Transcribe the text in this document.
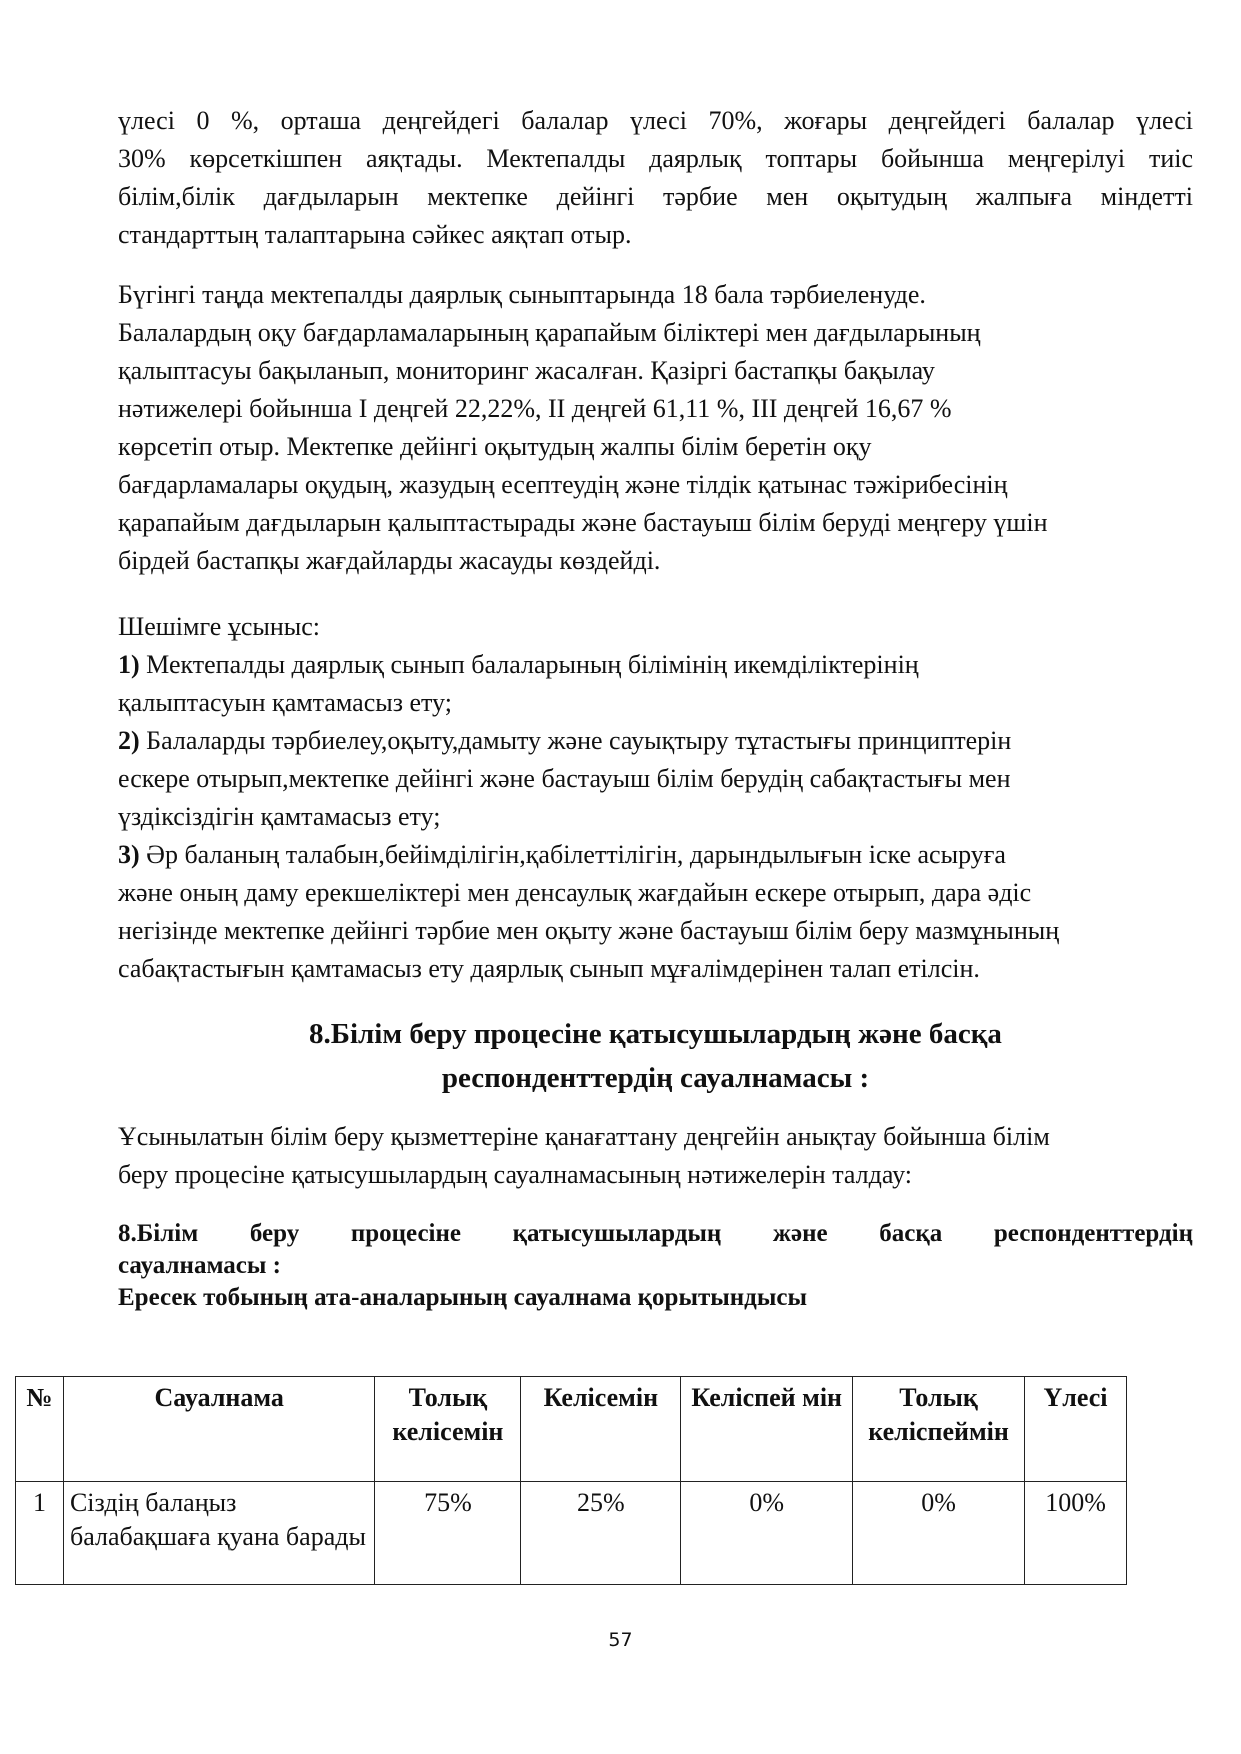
үлесі 0 %, орташа деңгейдегі балалар үлесі 70%, жоғары деңгейдегі балалар үлесі
30% көрсеткішпен аяқтады. Мектепалды даярлық топтары бойынша меңгерілуі тиіс
білім,білік дағдыларын мектепке дейінгі тәрбие мен оқытудың жалпыға міндетті
стандарттың талаптарына сәйкес аяқтап отыр.

Бүгінгі таңда мектепалды даярлық сыныптарында 18 бала тәрбиеленуде.
Балалардың оқу бағдарламаларының қарапайым біліктері мен дағдыларының
қалыптасуы бақыланып, мониторинг жасалған. Қазіргі бастапқы бақылау
нәтижелері бойынша I деңгей 22,22%, II деңгей 61,11 %, III деңгей 16,67 %
көрсетіп отыр. Мектепке дейінгі оқытудың жалпы білім беретін оқу
бағдарламалары оқудың, жазудың есептеудің және тілдік қатынас тәжірибесінің
қарапайым дағдыларын қалыптастырады және бастауыш білім беруді меңгеру үшін
бірдей бастапқы жағдайларды жасауды көздейді.

Шешімге ұсыныс:
1) Мектепалды даярлық сынып балаларының білімінің икемділіктерінің
қалыптасуын қамтамасыз ету;
2) Балаларды тәрбиелеу,оқыту,дамыту және сауықтыру тұтастығы принциптерін
ескере отырып,мектепке дейінгі және бастауыш білім берудің сабақтастығы мен
үздіксіздігін қамтамасыз ету;
3) Әр баланың талабын,бейімділігін,қабілеттілігін, дарындылығын іске асыруға
және оның даму ерекшеліктері мен денсаулық жағдайын ескере отырып, дара әдіс
негізінде мектепке дейінгі тәрбие мен оқыту және бастауыш білім беру мазмұнының
сабақтастығын қамтамасыз ету даярлық сынып мұғалімдерінен талап етілсін.
8.Білім беру процесіне қатысушылардың және басқа
респонденттердің сауалнамасы :

Ұсынылатын білім беру қызметтеріне қанағаттану деңгейін анықтау бойынша білім
беру процесіне қатысушылардың сауалнамасының нәтижелерін талдау:

8.Білім беру процесіне қатысушылардың және басқа респонденттердің
сауалнамасы :
Ересек тобының ата-аналарының сауалнама қорытындысы
№	Сауалнама	Толық келісемін	Келісемін	Келіспей мін	Толық келіспеймін	Үлесі
1	Сіздің балаңыз балабақшаға қуана барады	75%	25%	0%	0%	100%
57
